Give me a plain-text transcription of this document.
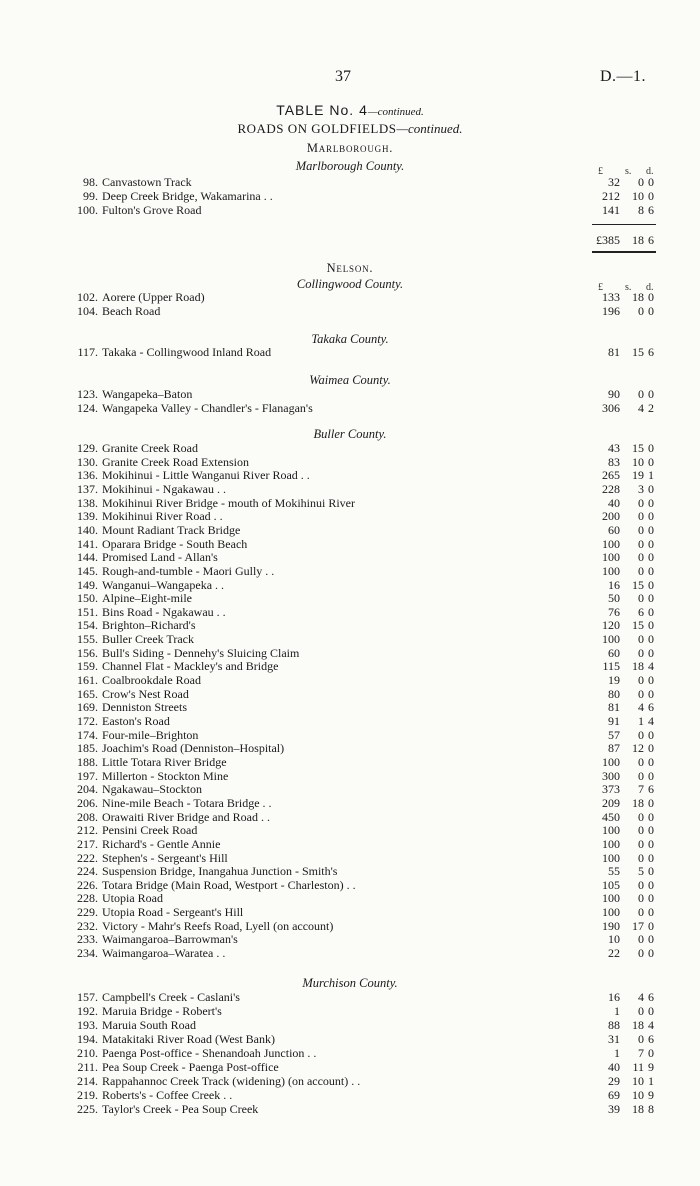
37	D.—1.
TABLE No. 4—continued.
ROADS ON GOLDFIELDS—continued.
Marlborough.
Marlborough County.	£ s. d.
98. Canvastown Track	32 0 0
99. Deep Creek Bridge, Wakamarina . .	212 10 0
100. Fulton's Grove Road	141 8 6
£385 18 6
Nelson.
Collingwood County.	£ s. d.
102. Aorere (Upper Road)	133 18 0
104. Beach Road	196 0 0
Takaka County.
117. Takaka - Collingwood Inland Road	81 15 6
Waimea County.
123. Wangapeka–Baton	90 0 0
124. Wangapeka Valley - Chandler's - Flanagan's	306 4 2
Buller County.
129. Granite Creek Road	43 15 0
130. Granite Creek Road Extension	83 10 0
136. Mokihinui - Little Wanganui River Road . .	265 19 1
137. Mokihinui - Ngakawau . .	228 3 0
138. Mokihinui River Bridge - mouth of Mokihinui River	40 0 0
139. Mokihinui River Road . .	200 0 0
140. Mount Radiant Track Bridge	60 0 0
141. Oparara Bridge - South Beach	100 0 0
144. Promised Land - Allan's	100 0 0
145. Rough-and-tumble - Maori Gully . .	100 0 0
149. Wanganui–Wangapeka . .	16 15 0
150. Alpine–Eight-mile	50 0 0
151. Bins Road - Ngakawau . .	76 6 0
154. Brighton–Richard's	120 15 0
155. Buller Creek Track	100 0 0
156. Bull's Siding - Dennehy's Sluicing Claim	60 0 0
159. Channel Flat - Mackley's and Bridge	115 18 4
161. Coalbrookdale Road	19 0 0
165. Crow's Nest Road	80 0 0
169. Denniston Streets	81 4 6
172. Easton's Road	91 1 4
174. Four-mile–Brighton	57 0 0
185. Joachim's Road (Denniston–Hospital)	87 12 0
188. Little Totara River Bridge	100 0 0
197. Millerton - Stockton Mine	300 0 0
204. Ngakawau–Stockton	373 7 6
206. Nine-mile Beach - Totara Bridge . .	209 18 0
208. Orawaiti River Bridge and Road . .	450 0 0
212. Pensini Creek Road	100 0 0
217. Richard's - Gentle Annie	100 0 0
222. Stephen's - Sergeant's Hill	100 0 0
224. Suspension Bridge, Inangahua Junction - Smith's	55 5 0
226. Totara Bridge (Main Road, Westport - Charleston) . .	105 0 0
228. Utopia Road	100 0 0
229. Utopia Road - Sergeant's Hill	100 0 0
232. Victory - Mahr's Reefs Road, Lyell (on account)	190 17 0
233. Waimangaroa–Barrowman's	10 0 0
234. Waimangaroa–Waratea . .	22 0 0
Murchison County.
157. Campbell's Creek - Caslani's	16 4 6
192. Maruia Bridge - Robert's	1 0 0
193. Maruia South Road	88 18 4
194. Matakitaki River Road (West Bank)	31 0 6
210. Paenga Post-office - Shenandoah Junction . .	1 7 0
211. Pea Soup Creek - Paenga Post-office	40 11 9
214. Rappahannoc Creek Track (widening) (on account) . .	29 10 1
219. Roberts's - Coffee Creek . .	69 10 9
225. Taylor's Creek - Pea Soup Creek	39 18 8
